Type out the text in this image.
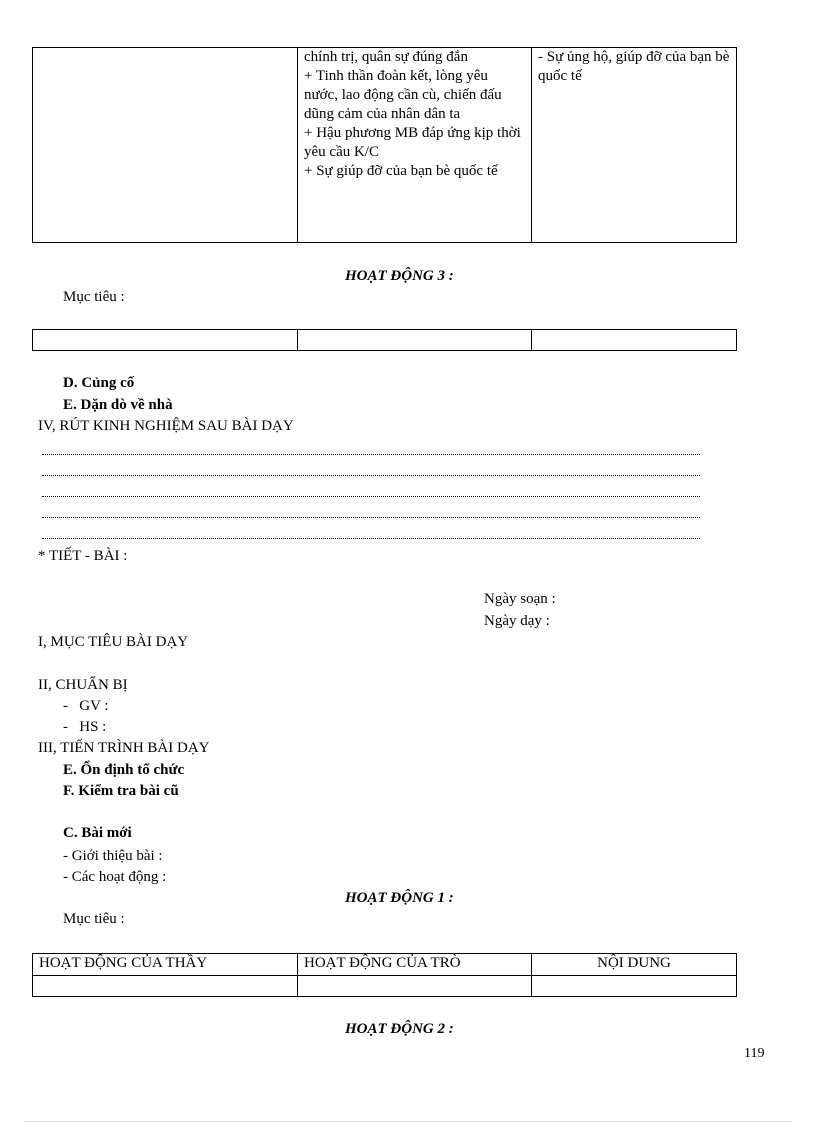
	chính trị, quân sự đúng đắn
+ Tinh thần đoàn kết, lòng yêu nước, lao động cần cù, chiến đấu dũng cảm của nhân dân ta
+ Hậu phương MB đáp ứng kịp thời yêu cầu K/C
+ Sự giúp đỡ của bạn bè quốc tế	- Sự ủng hộ, giúp đỡ của bạn bè quốc tế
HOẠT ĐỘNG 3 :
Mục tiêu :

D. Củng cố
E. Dặn dò về nhà
IV, RÚT KINH NGHIỆM SAU BÀI DẠY
* TIẾT - BÀI :
Ngày soạn :
Ngày dạy :
I, MỤC TIÊU BÀI DẠY
II, CHUẨN BỊ
-   GV :
-   HS :
III, TIẾN TRÌNH BÀI DẠY
E. Ổn định tổ chức
F. Kiểm tra bài cũ
C. Bài mới
- Giới thiệu bài :
- Các hoạt động :
HOẠT ĐỘNG 1 :
Mục tiêu :
HOẠT ĐỘNG CỦA THẦY	HOẠT ĐỘNG CỦA TRÒ	NỘI DUNG

HOẠT ĐỘNG 2 :
119
